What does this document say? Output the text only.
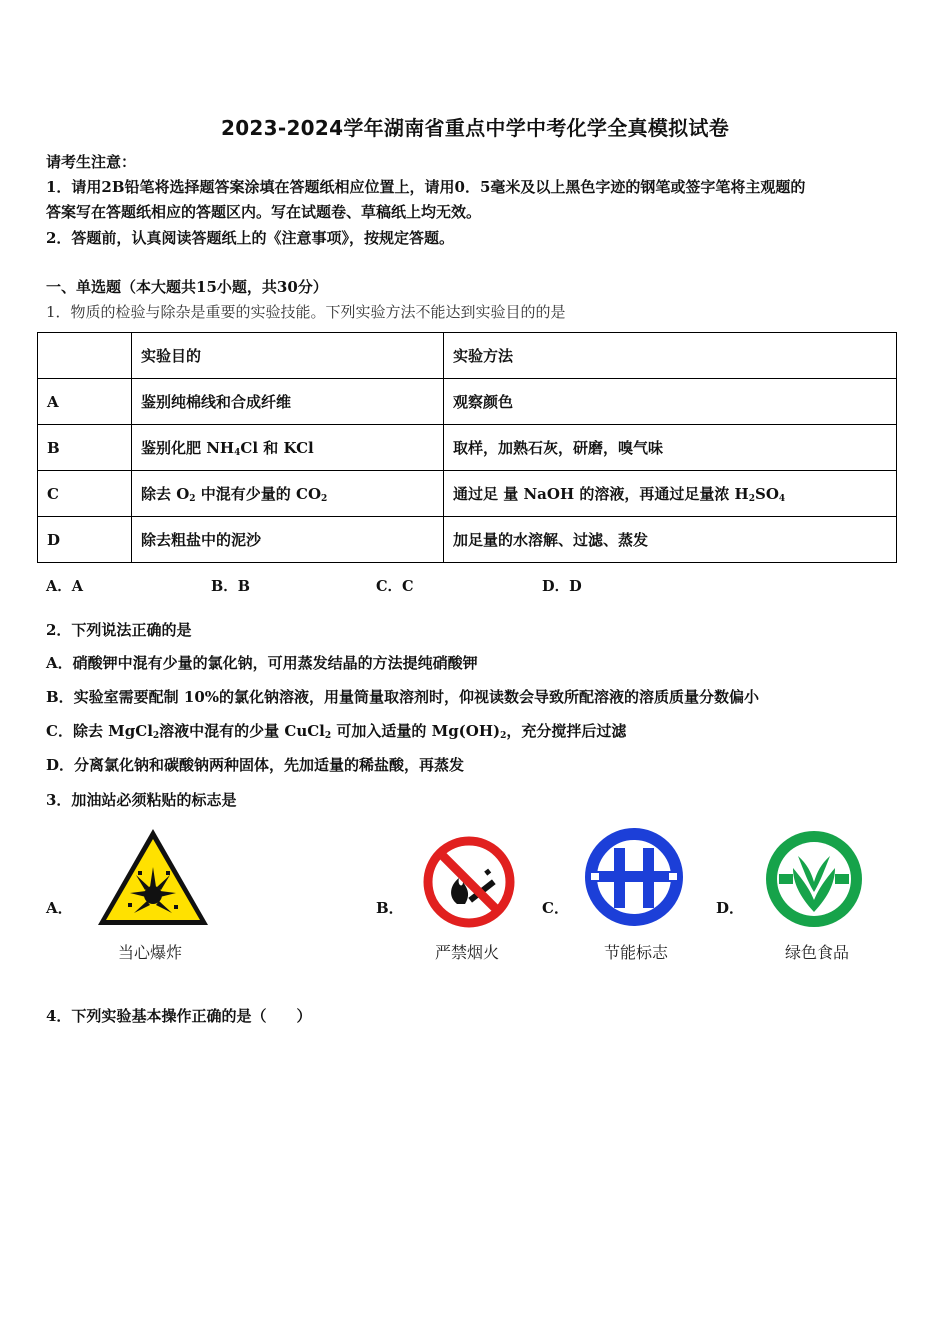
2023-2024学年湖南省重点中学中考化学全真模拟试卷
请考生注意：
1．请用2B铅笔将选择题答案涂填在答题纸相应位置上，请用0．5毫米及以上黑色字迹的钢笔或签字笔将主观题的
答案写在答题纸相应的答题区内。写在试题卷、草稿纸上均无效。
2．答题前，认真阅读答题纸上的《注意事项》，按规定答题。
一、单选题（本大题共15小题，共30分）
1．物质的检验与除杂是重要的实验技能。下列实验方法不能达到实验目的的是
	实验目的	实验方法
A	鉴别纯棉线和合成纤维	观察颜色
B	鉴别化肥 $NH_4Cl$ 和 KCl	取样，加熟石灰，研磨，嗅气味
C	除去 $O_2$ 中混有少量的 $CO_2$	通过足 量 NaOH 的溶液，再通过足量浓 $H_2SO_4$
D	除去粗盐中的泥沙	加足量的水溶解、过滤、蒸发
A．A	B．B	C．C	D．D
2．下列说法正确的是
A．硝酸钾中混有少量的氯化钠，可用蒸发结晶的方法提纯硝酸钾
B．实验室需要配制 10%的氯化钠溶液，用量筒量取溶剂时，仰视读数会导致所配溶液的溶质质量分数偏小
C．除去 MgCl$_2$溶液中混有的少量 CuCl$_2$ 可加入适量的 $Mg(OH)_2$，充分搅拌后过滤
D．分离氯化钠和碳酸钠两种固体，先加适量的稀盐酸，再蒸发
3．加油站必须粘贴的标志是
A．
当心爆炸
B．
严禁烟火
C．
节能标志
D．
绿色食品
4．下列实验基本操作正确的是（　　）
